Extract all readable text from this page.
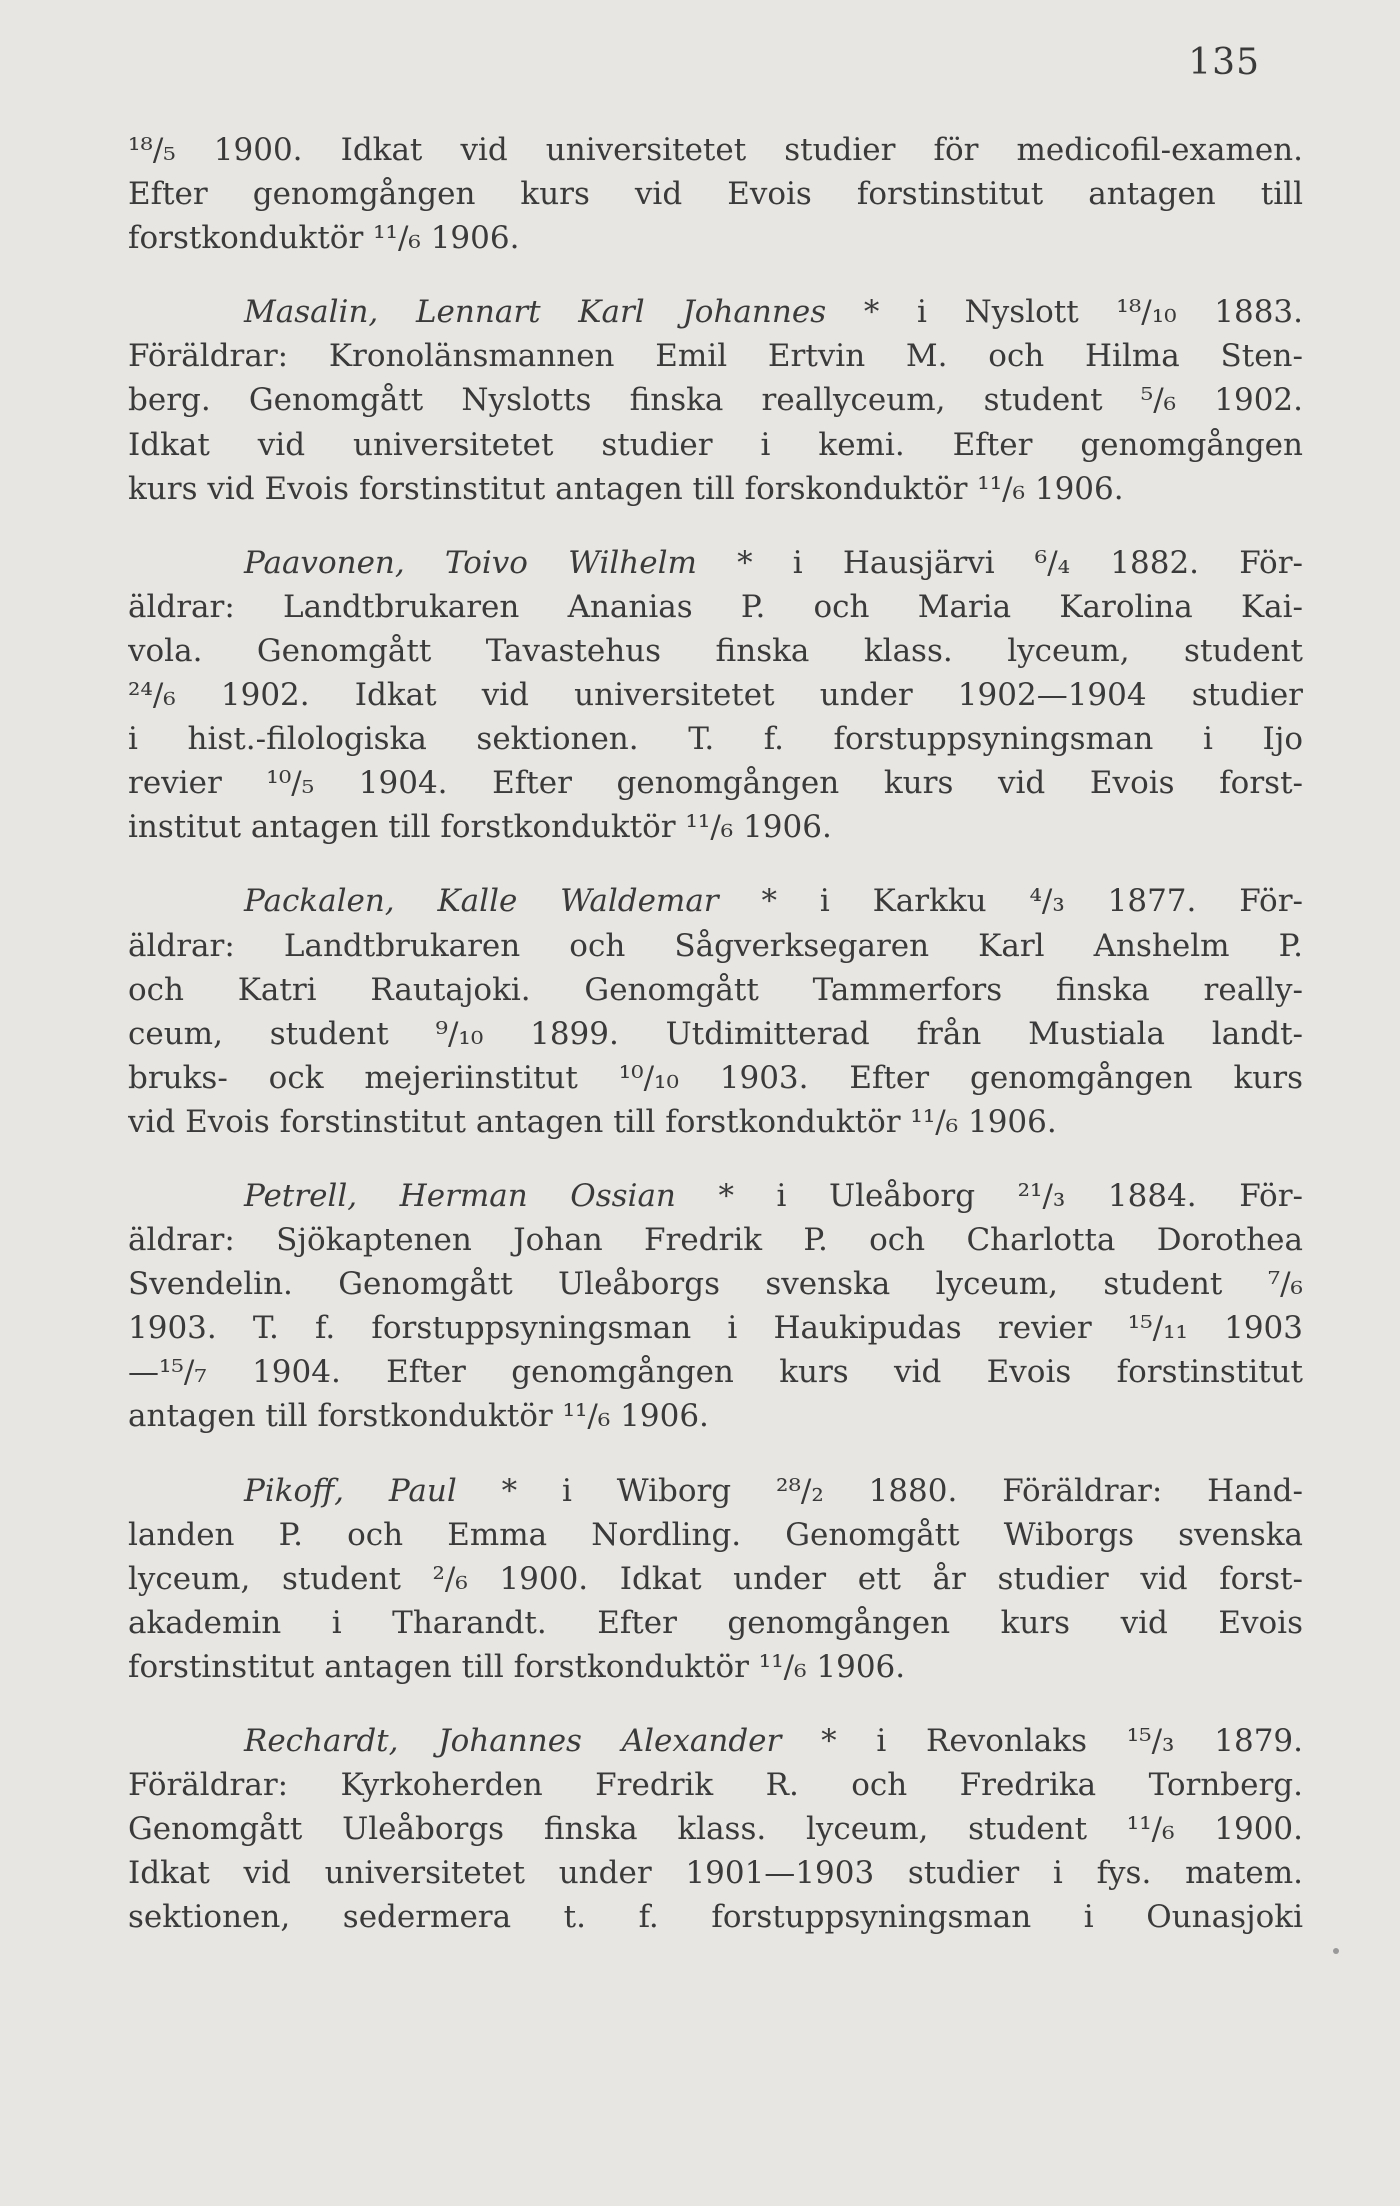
135
¹⁸/₅ 1900. Idkat vid universitetet studier för medicofil-examen.
Efter genomgången kurs vid Evois forstinstitut antagen till
forstkonduktör ¹¹/₆ 1906.
Masalin, Lennart Karl Johannes * i Nyslott ¹⁸/₁₀ 1883.
Föräldrar: Kronolänsmannen Emil Ertvin M. och Hilma Sten-
berg. Genomgått Nyslotts finska reallyceum, student ⁵/₆ 1902.
Idkat vid universitetet studier i kemi. Efter genomgången
kurs vid Evois forstinstitut antagen till forskonduktör ¹¹/₆ 1906.
Paavonen, Toivo Wilhelm * i Hausjärvi ⁶/₄ 1882. För-
äldrar: Landtbrukaren Ananias P. och Maria Karolina Kai-
vola. Genomgått Tavastehus finska klass. lyceum, student
²⁴/₆ 1902. Idkat vid universitetet under 1902—1904 studier
i hist.-filologiska sektionen. T. f. forstuppsyningsman i Ijo
revier ¹⁰/₅ 1904. Efter genomgången kurs vid Evois forst-
institut antagen till forstkonduktör ¹¹/₆ 1906.
Packalen, Kalle Waldemar * i Karkku ⁴/₃ 1877. För-
äldrar: Landtbrukaren och Sågverksegaren Karl Anshelm P.
och Katri Rautajoki. Genomgått Tammerfors finska really-
ceum, student ⁹/₁₀ 1899. Utdimitterad från Mustiala landt-
bruks- ock mejeriinstitut ¹⁰/₁₀ 1903. Efter genomgången kurs
vid Evois forstinstitut antagen till forstkonduktör ¹¹/₆ 1906.
Petrell, Herman Ossian * i Uleåborg ²¹/₃ 1884. För-
äldrar: Sjökaptenen Johan Fredrik P. och Charlotta Dorothea
Svendelin. Genomgått Uleåborgs svenska lyceum, student ⁷/₆
1903. T. f. forstuppsyningsman i Haukipudas revier ¹⁵/₁₁ 1903
—¹⁵/₇ 1904. Efter genomgången kurs vid Evois forstinstitut
antagen till forstkonduktör ¹¹/₆ 1906.
Pikoff, Paul * i Wiborg ²⁸/₂ 1880. Föräldrar: Hand-
landen P. och Emma Nordling. Genomgått Wiborgs svenska
lyceum, student ²/₆ 1900. Idkat under ett år studier vid forst-
akademin i Tharandt. Efter genomgången kurs vid Evois
forstinstitut antagen till forstkonduktör ¹¹/₆ 1906.
Rechardt, Johannes Alexander * i Revonlaks ¹⁵/₃ 1879.
Föräldrar: Kyrkoherden Fredrik R. och Fredrika Tornberg.
Genomgått Uleåborgs finska klass. lyceum, student ¹¹/₆ 1900.
Idkat vid universitetet under 1901—1903 studier i fys. matem.
sektionen, sedermera t. f. forstuppsyningsman i Ounasjoki
